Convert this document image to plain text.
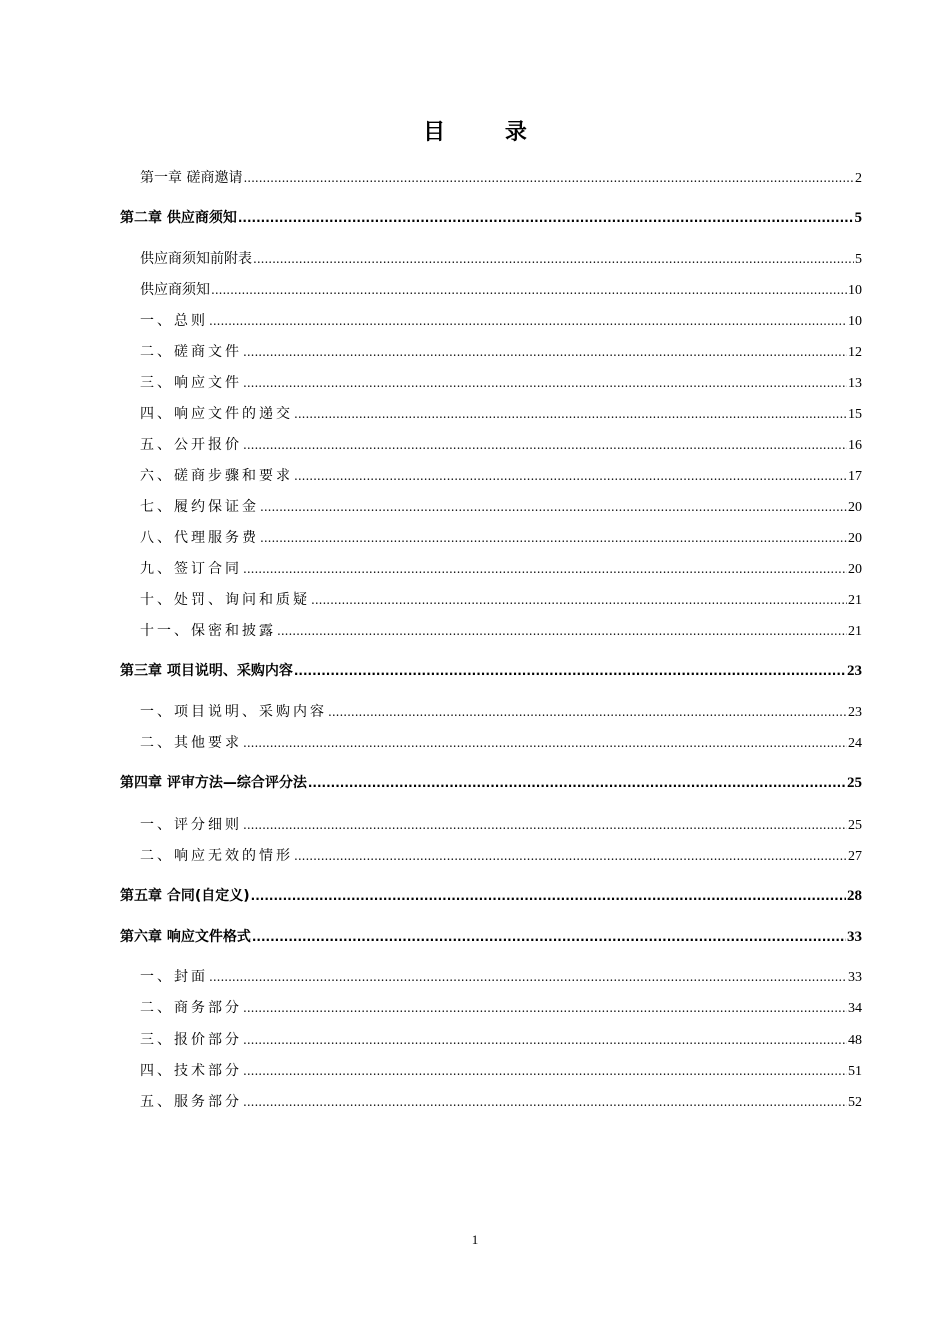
目 录
第一章 磋商邀请 .....	2
第二章 供应商须知 .....	5
供应商须知前附表 .....	5
供应商须知 .....	10
一、总则 .....	10
二、磋商文件 .....	12
三、响应文件 .....	13
四、响应文件的递交 .....	15
五、公开报价 .....	16
六、磋商步骤和要求 .....	17
七、履约保证金 .....	20
八、代理服务费 .....	20
九、签订合同 .....	20
十、处罚、询问和质疑 .....	21
十一、保密和披露 .....	21
第三章 项目说明、采购内容 .....	23
一、项目说明、采购内容 .....	23
二、其他要求 .....	24
第四章 评审方法—综合评分法 .....	25
一、评分细则 .....	25
二、响应无效的情形 .....	27
第五章 合同(自定义) .....	28
第六章 响应文件格式 .....	33
一、封面 .....	33
二、商务部分 .....	34
三、报价部分 .....	48
四、技术部分 .....	51
五、服务部分 .....	52
1
